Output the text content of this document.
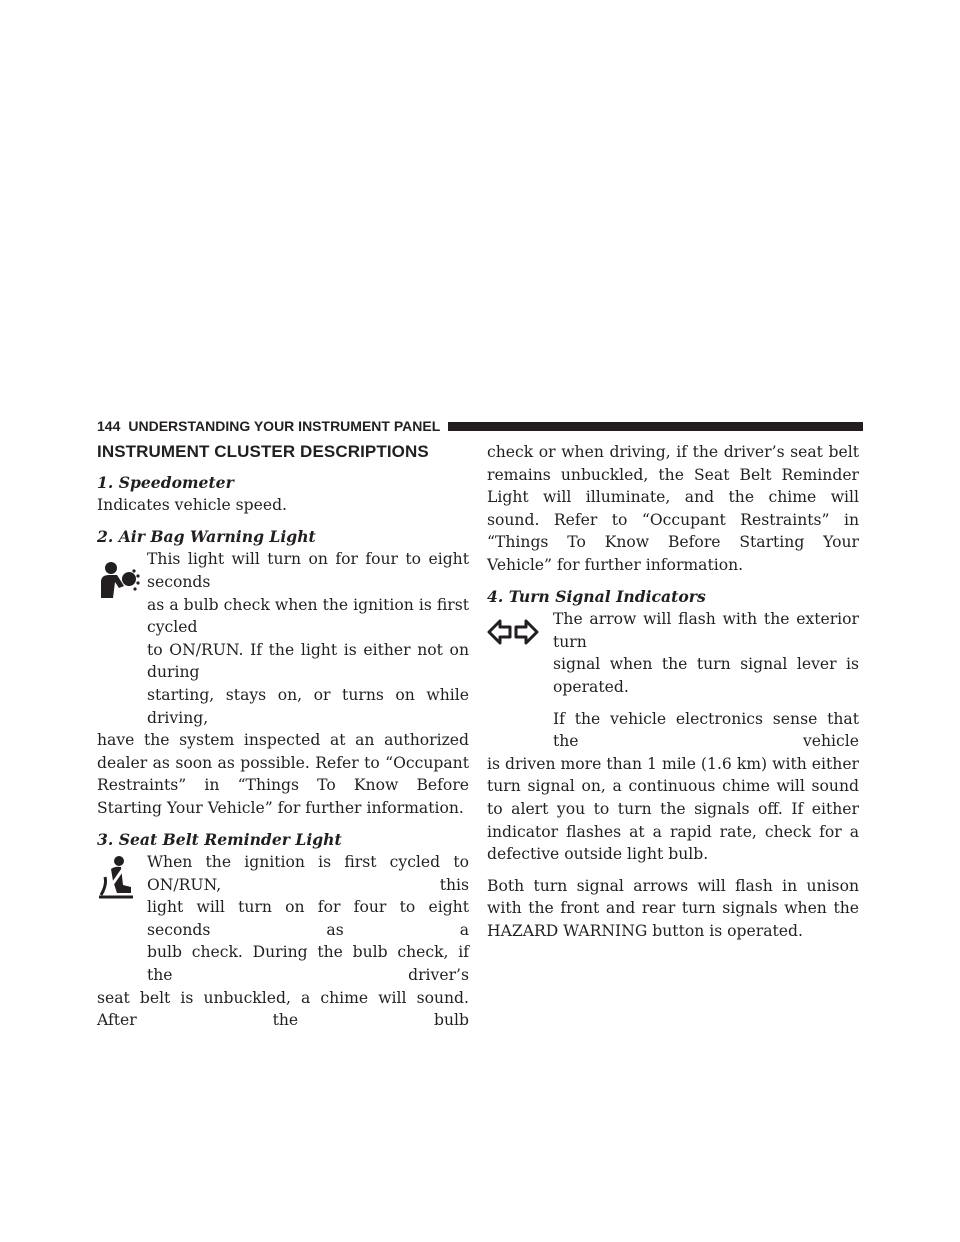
144 UNDERSTANDING YOUR INSTRUMENT PANEL
INSTRUMENT CLUSTER DESCRIPTIONS

1. Speedometer

Indicates vehicle speed.

2. Air Bag Warning Light

This light will turn on for four to eight seconds

as a bulb check when the ignition is first cycled

to ON/RUN. If the light is either not on during

starting, stays on, or turns on while driving,

have the system inspected at an authorized dealer as soon as possible. Refer to “Occupant Restraints” in “Things To Know Before Starting Your Vehicle” for further information.

3. Seat Belt Reminder Light

When the ignition is first cycled to ON/RUN, this

light will turn on for four to eight seconds as a

bulb check. During the bulb check, if the driver’s

seat belt is unbuckled, a chime will sound. After the bulb

check or when driving, if the driver’s seat belt remains unbuckled, the Seat Belt Reminder Light will illuminate, and the chime will sound. Refer to “Occupant Restraints” in “Things To Know Before Starting Your Vehicle” for further information.

4. Turn Signal Indicators

The arrow will flash with the exterior turn

signal when the turn signal lever is operated.

If the vehicle electronics sense that the vehicle

is driven more than 1 mile (1.6 km) with either turn signal on, a continuous chime will sound to alert you to turn the signals off. If either indicator flashes at a rapid rate, check for a defective outside light bulb.

Both turn signal arrows will flash in unison with the front and rear turn signals when the HAZARD WARNING button is operated.
